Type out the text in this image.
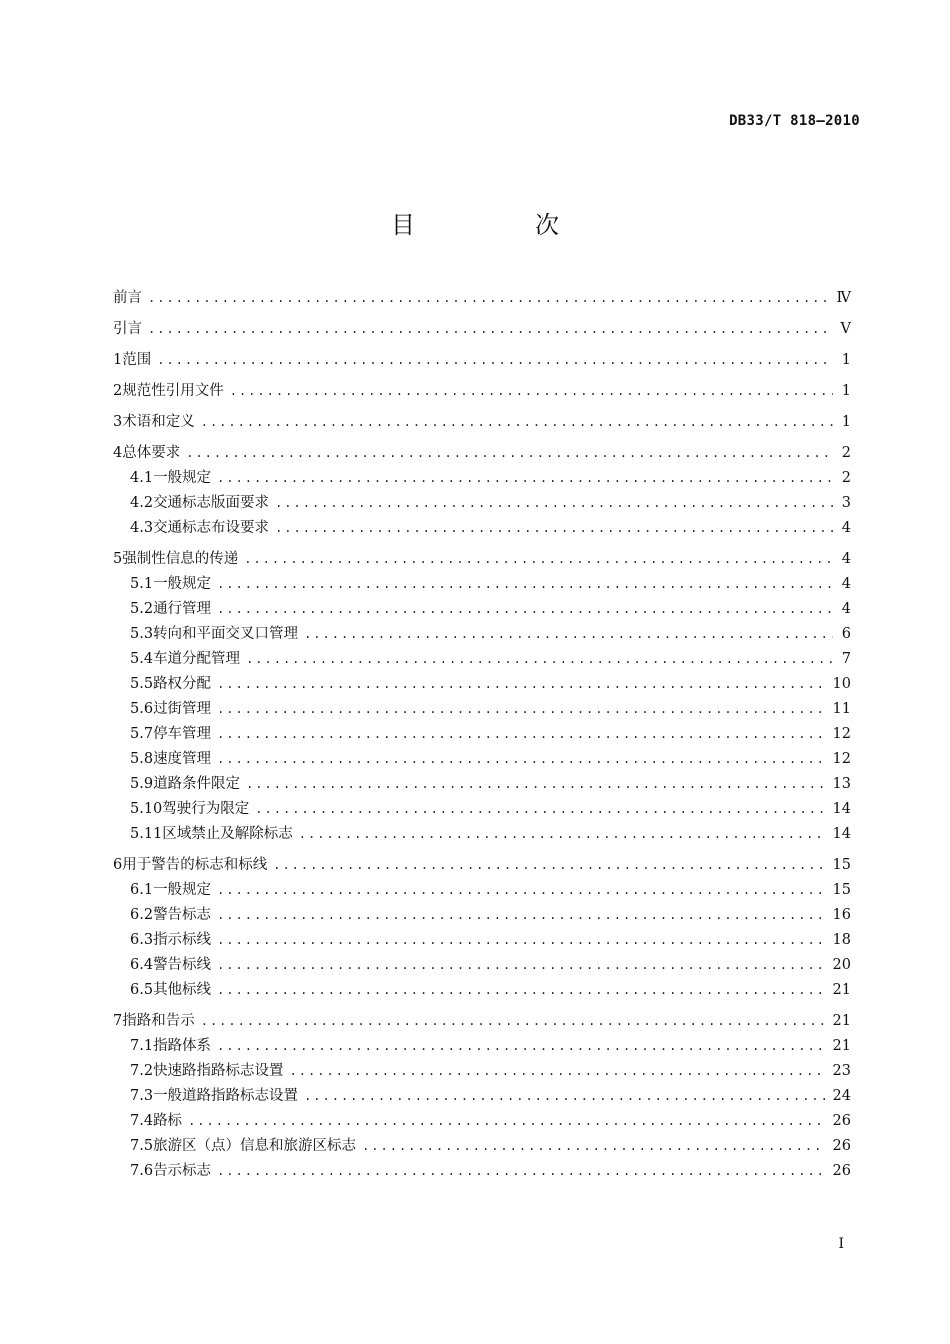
DB33/T 818—2010
目　次
前言 .....	Ⅳ
引言 .....	Ⅴ
1 范围 .....	1
2 规范性引用文件 .....	1
3 术语和定义 .....	1
4 总体要求 .....	2
4.1 一般规定 .....	2
4.2 交通标志版面要求 .....	3
4.3 交通标志布设要求 .....	4
5 强制性信息的传递 .....	4
5.1 一般规定 .....	4
5.2 通行管理 .....	4
5.3 转向和平面交叉口管理 .....	6
5.4 车道分配管理 .....	7
5.5 路权分配 .....	10
5.6 过街管理 .....	11
5.7 停车管理 .....	12
5.8 速度管理 .....	12
5.9 道路条件限定 .....	13
5.10 驾驶行为限定 .....	14
5.11 区域禁止及解除标志 .....	14
6 用于警告的标志和标线 .....	15
6.1 一般规定 .....	15
6.2 警告标志 .....	16
6.3 指示标线 .....	18
6.4 警告标线 .....	20
6.5 其他标线 .....	21
7 指路和告示 .....	21
7.1 指路体系 .....	21
7.2 快速路指路标志设置 .....	23
7.3 一般道路指路标志设置 .....	24
7.4 路标 .....	26
7.5 旅游区（点）信息和旅游区标志 .....	26
7.6 告示标志 .....	26
I
